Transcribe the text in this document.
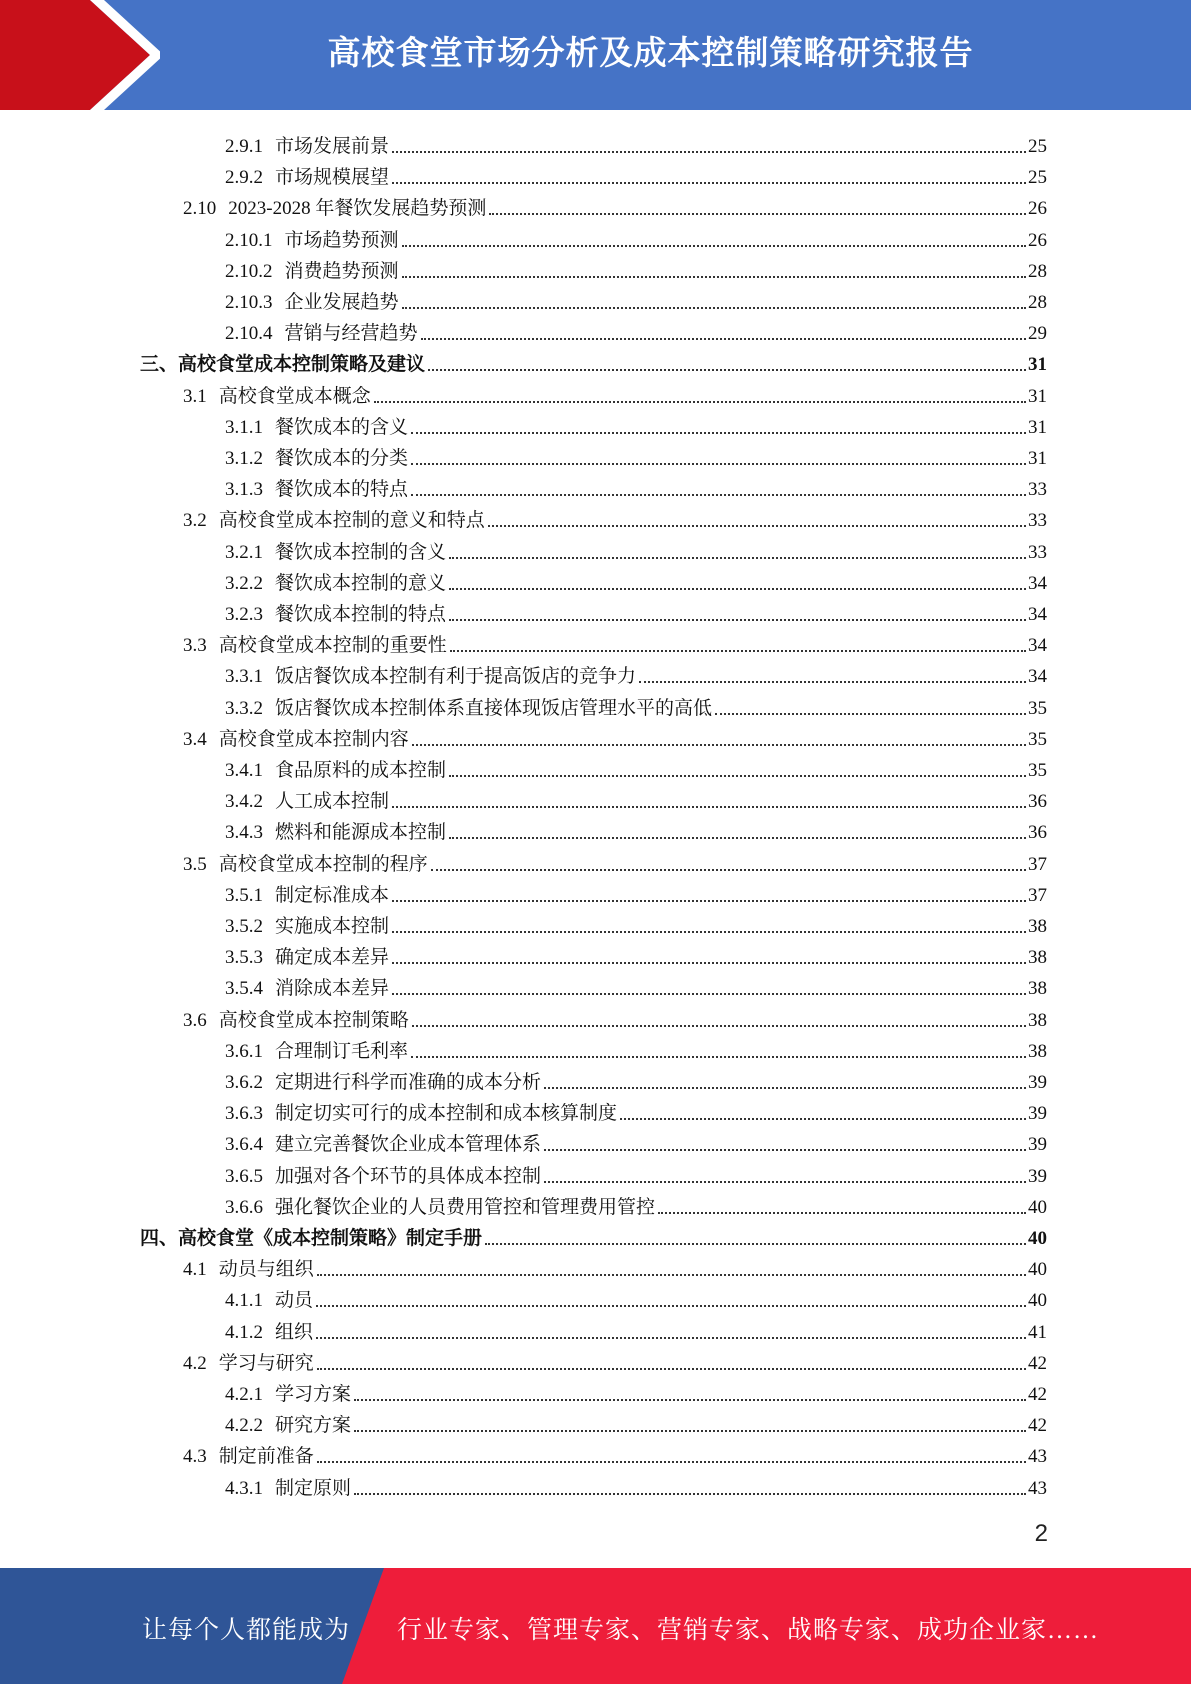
高校食堂市场分析及成本控制策略研究报告
2.9.1 市场发展前景	25
2.9.2 市场规模展望	25
2.10 2023-2028 年餐饮发展趋势预测	26
2.10.1 市场趋势预测	26
2.10.2 消费趋势预测	28
2.10.3 企业发展趋势	28
2.10.4 营销与经营趋势	29
三、 高校食堂成本控制策略及建议	31
3.1 高校食堂成本概念	31
3.1.1 餐饮成本的含义	31
3.1.2 餐饮成本的分类	31
3.1.3 餐饮成本的特点	33
3.2 高校食堂成本控制的意义和特点	33
3.2.1 餐饮成本控制的含义	33
3.2.2 餐饮成本控制的意义	34
3.2.3 餐饮成本控制的特点	34
3.3 高校食堂成本控制的重要性	34
3.3.1 饭店餐饮成本控制有利于提高饭店的竞争力	34
3.3.2 饭店餐饮成本控制体系直接体现饭店管理水平的高低	35
3.4 高校食堂成本控制内容	35
3.4.1 食品原料的成本控制	35
3.4.2 人工成本控制	36
3.4.3 燃料和能源成本控制	36
3.5 高校食堂成本控制的程序	37
3.5.1 制定标准成本	37
3.5.2 实施成本控制	38
3.5.3 确定成本差异	38
3.5.4 消除成本差异	38
3.6 高校食堂成本控制策略	38
3.6.1 合理制订毛利率	38
3.6.2 定期进行科学而准确的成本分析	39
3.6.3 制定切实可行的成本控制和成本核算制度	39
3.6.4 建立完善餐饮企业成本管理体系	39
3.6.5 加强对各个环节的具体成本控制	39
3.6.6 强化餐饮企业的人员费用管控和管理费用管控	40
四、 高校食堂《成本控制策略》制定手册	40
4.1 动员与组织	40
4.1.1 动员	40
4.1.2 组织	41
4.2 学习与研究	42
4.2.1 学习方案	42
4.2.2 研究方案	42
4.3 制定前准备	43
4.3.1 制定原则	43
2
让每个人都能成为 行业专家、管理专家、营销专家、战略专家、成功企业家……
